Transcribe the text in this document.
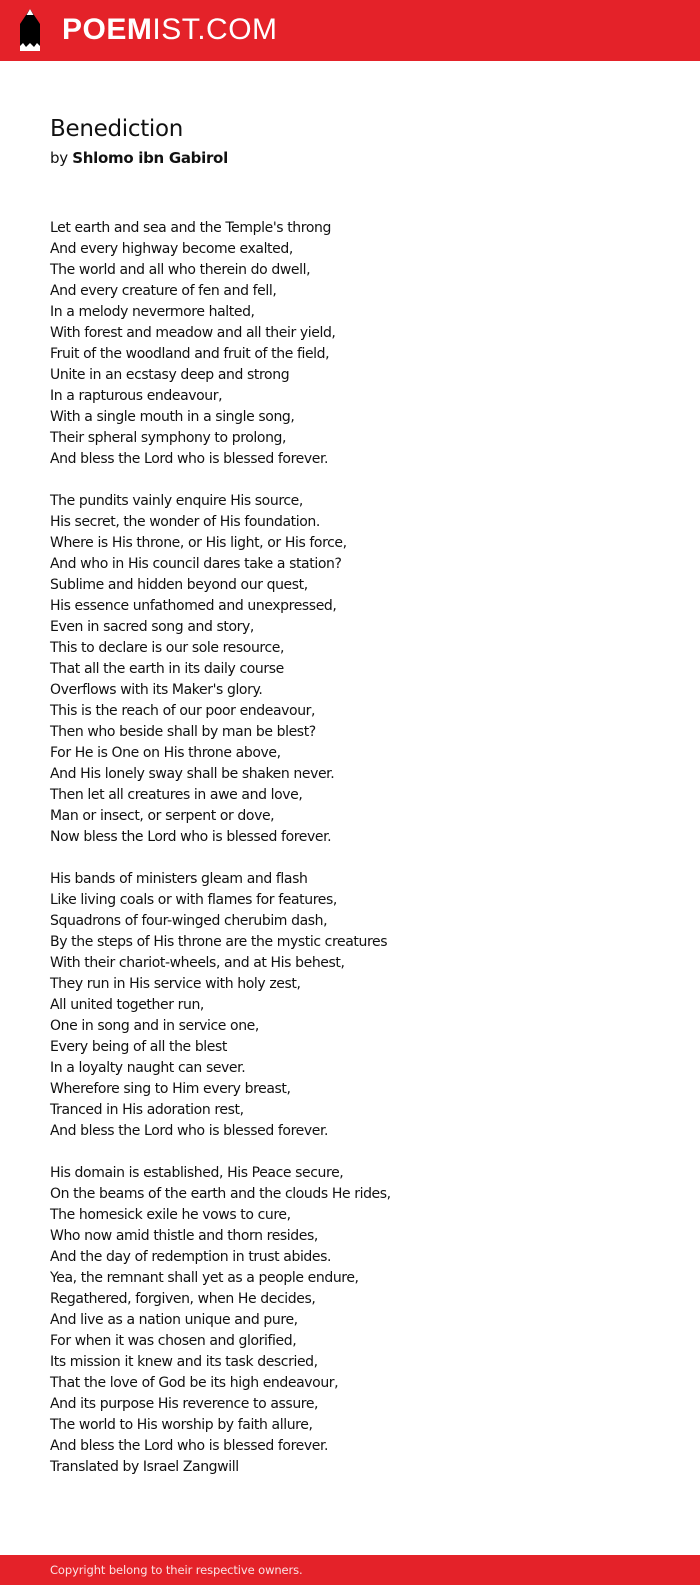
POEMIST.COM
Benediction
by Shlomo ibn Gabirol
Let earth and sea and the Temple's throng
And every highway become exalted,
The world and all who therein do dwell,
And every creature of fen and fell,
In a melody nevermore halted,
With forest and meadow and all their yield,
Fruit of the woodland and fruit of the field,
Unite in an ecstasy deep and strong
In a rapturous endeavour,
With a single mouth in a single song,
Their spheral symphony to prolong,
And bless the Lord who is blessed forever.
The pundits vainly enquire His source,
His secret, the wonder of His foundation.
Where is His throne, or His light, or His force,
And who in His council dares take a station?
Sublime and hidden beyond our quest,
His essence unfathomed and unexpressed,
Even in sacred song and story,
This to declare is our sole resource,
That all the earth in its daily course
Overflows with its Maker's glory.
This is the reach of our poor endeavour,
Then who beside shall by man be blest?
For He is One on His throne above,
And His lonely sway shall be shaken never.
Then let all creatures in awe and love,
Man or insect, or serpent or dove,
Now bless the Lord who is blessed forever.
His bands of ministers gleam and flash
Like living coals or with flames for features,
Squadrons of four-winged cherubim dash,
By the steps of His throne are the mystic creatures
With their chariot-wheels, and at His behest,
They run in His service with holy zest,
All united together run,
One in song and in service one,
Every being of all the blest
In a loyalty naught can sever.
Wherefore sing to Him every breast,
Tranced in His adoration rest,
And bless the Lord who is blessed forever.
His domain is established, His Peace secure,
On the beams of the earth and the clouds He rides,
The homesick exile he vows to cure,
Who now amid thistle and thorn resides,
And the day of redemption in trust abides.
Yea, the remnant shall yet as a people endure,
Regathered, forgiven, when He decides,
And live as a nation unique and pure,
For when it was chosen and glorified,
Its mission it knew and its task descried,
That the love of God be its high endeavour,
And its purpose His reverence to assure,
The world to His worship by faith allure,
And bless the Lord who is blessed forever.
Translated by Israel Zangwill
Copyright belong to their respective owners.
